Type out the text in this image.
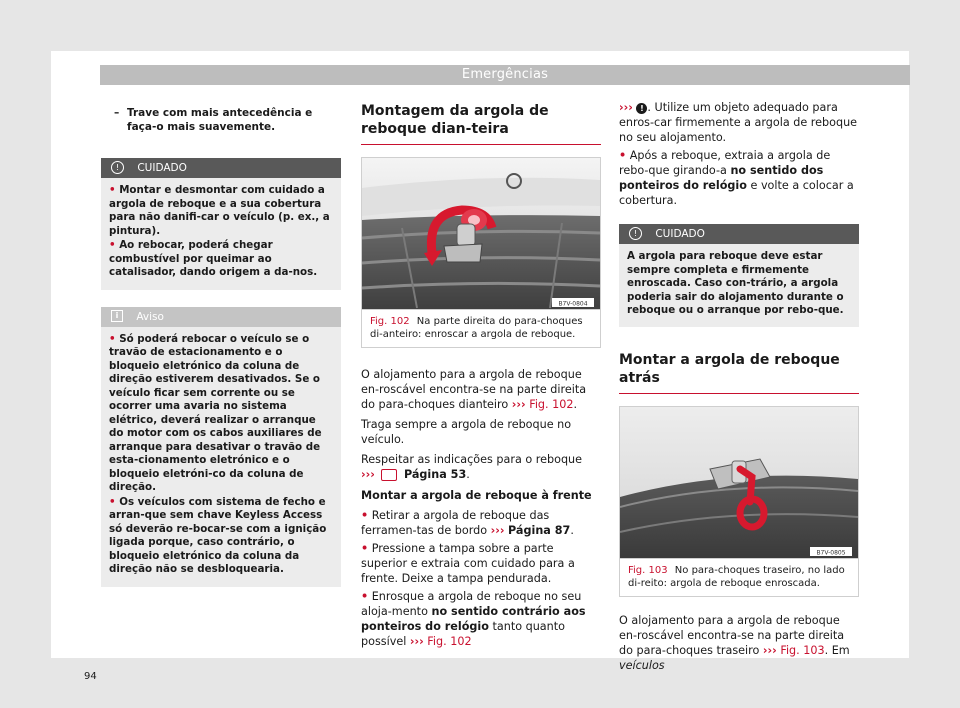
Emergências
– Trave com mais antecedência e faça-o mais suavemente.
! CUIDADO
• Montar e desmontar com cuidado a argola de reboque e a sua cobertura para não danifi-car o veículo (p. ex., a pintura).
• Ao rebocar, poderá chegar combustível por queimar ao catalisador, dando origem a da-nos.
i Aviso
• Só poderá rebocar o veículo se o travão de estacionamento e o bloqueio eletrónico da coluna de direção estiverem desativados. Se o veículo ficar sem corrente ou se ocorrer uma avaria no sistema elétrico, deverá realizar o arranque do motor com os cabos auxiliares de arranque para desativar o travão de esta-cionamento eletrónico e o bloqueio eletróni-co da coluna de direção.
• Os veículos com sistema de fecho e arran-que sem chave Keyless Access só deverão re-bocar-se com a ignição ligada porque, caso contrário, o bloqueio eletrónico da coluna da direção não se desbloquearia.
Montagem da argola de reboque dian-teira
B7V-0804
Fig. 102 Na parte direita do para-choques di-anteiro: enroscar a argola de reboque.
O alojamento para a argola de reboque en-roscável encontra-se na parte direita do para-choques dianteiro ››› Fig. 102.
Traga sempre a argola de reboque no veículo.
Respeitar as indicações para o reboque
›››	Página 53.
Montar a argola de reboque à frente
• Retirar a argola de reboque das ferramen-tas de bordo ››› Página 87.
• Pressione a tampa sobre a parte superior e extraia com cuidado para a frente. Deixe a tampa pendurada.
• Enrosque a argola de reboque no seu aloja-mento no sentido contrário aos ponteiros do relógio tanto quanto possível ››› Fig. 102
››› ! . Utilize um objeto adequado para enros-car firmemente a argola de reboque no seu alojamento.
• Após a reboque, extraia a argola de rebo-que girando-a no sentido dos ponteiros do relógio e volte a colocar a cobertura.
! CUIDADO
A argola para reboque deve estar sempre completa e firmemente enroscada. Caso con-trário, a argola poderia sair do alojamento durante o reboque ou o arranque por rebo-que.
Montar a argola de reboque atrás
B7V-0805
Fig. 103 No para-choques traseiro, no lado di-reito: argola de reboque enroscada.
O alojamento para a argola de reboque en-roscável encontra-se na parte direita do para-choques traseiro ››› Fig. 103. Em veículos
94
